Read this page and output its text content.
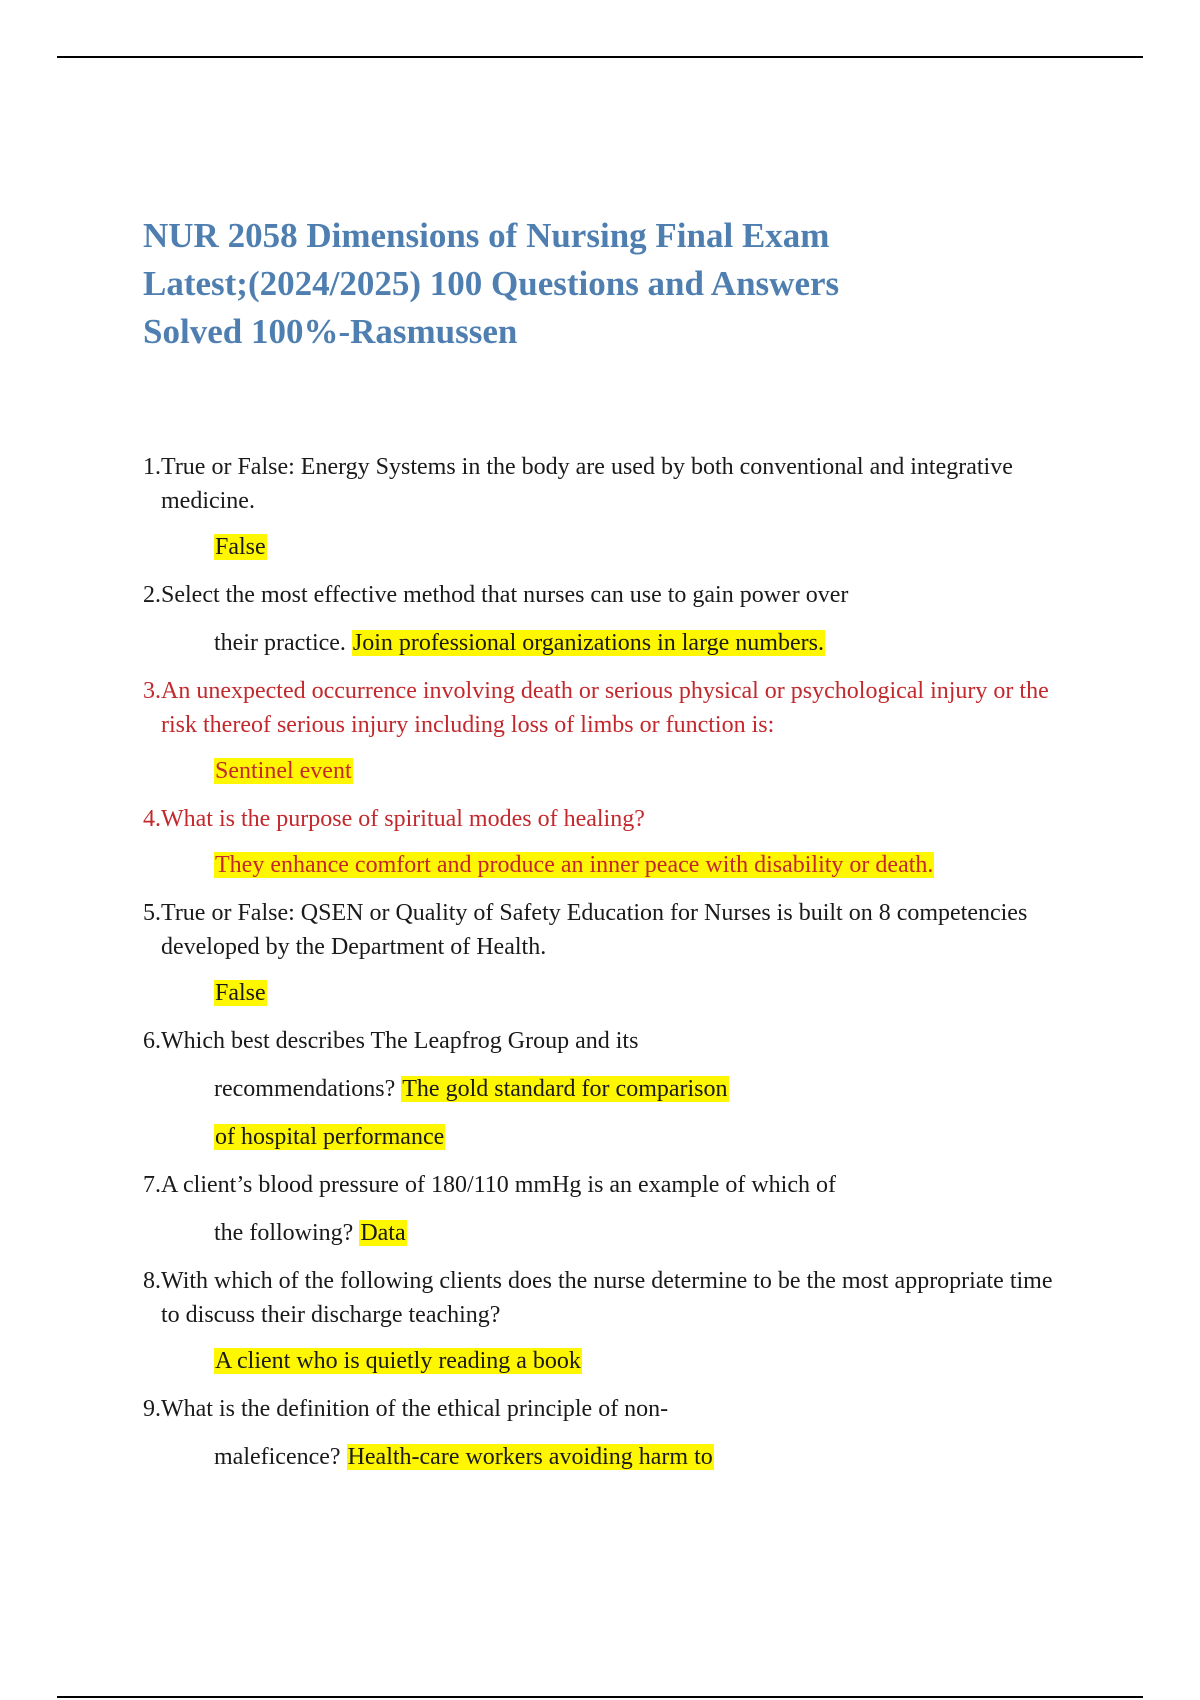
NUR 2058 Dimensions of Nursing Final Exam
Latest;(2024/2025) 100 Questions and Answers
Solved 100%-Rasmussen
1. True or False: Energy Systems in the body are used by both conventional and integrative medicine.
False
2. Select the most effective method that nurses can use to gain power over
their practice. Join professional organizations in large numbers.
3. An unexpected occurrence involving death or serious physical or psychological injury or the risk thereof serious injury including loss of limbs or function is:
Sentinel event
4. What is the purpose of spiritual modes of healing?
They enhance comfort and produce an inner peace with disability or death.
5. True or False: QSEN or Quality of Safety Education for Nurses is built on 8 competencies developed by the Department of Health.
False
6. Which best describes The Leapfrog Group and its
recommendations? The gold standard for comparison
of hospital performance
7. A client’s blood pressure of 180/110 mmHg is an example of which of
the following? Data
8. With which of the following clients does the nurse determine to be the most appropriate time to discuss their discharge teaching?
A client who is quietly reading a book
9. What is the definition of the ethical principle of non-
maleficence? Health-care workers avoiding harm to
